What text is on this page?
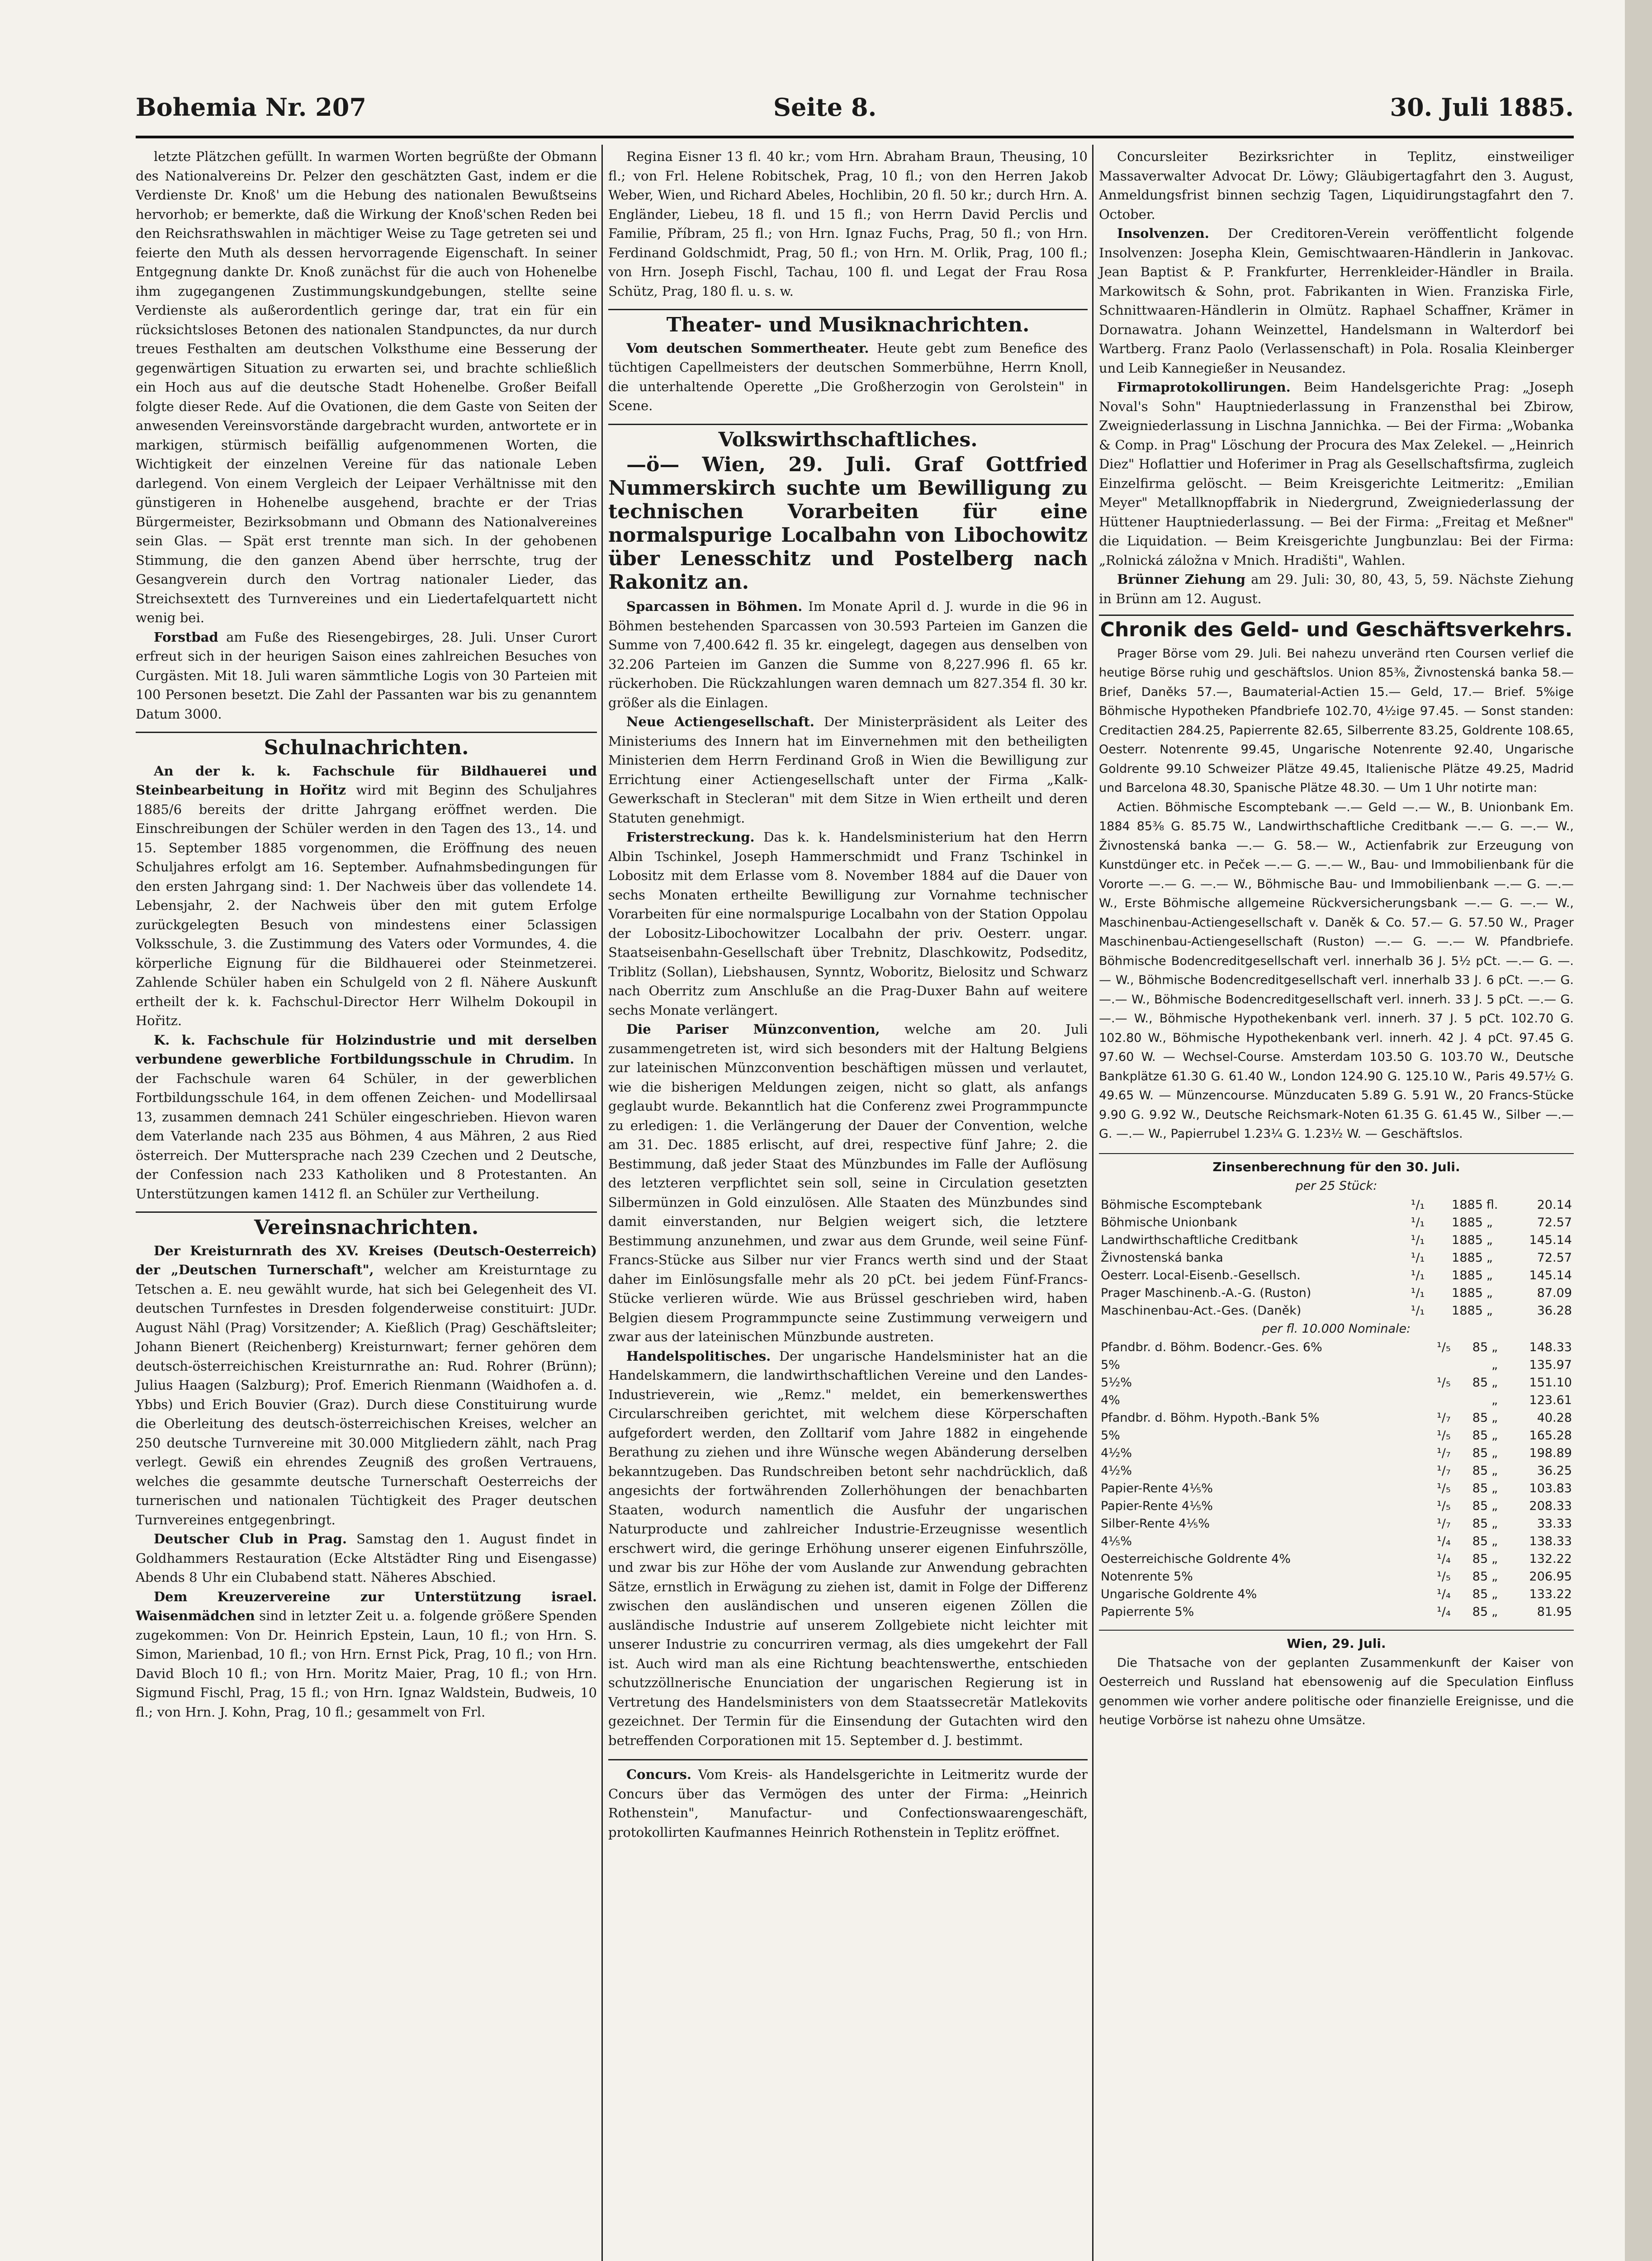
Bohemia Nr. 207	Seite 8.	30. Juli 1885.

letzte Plätzchen gefüllt. In warmen Worten begrüßte der Obmann des Nationalvereins Dr. Pelzer den geschätzten Gast, indem er die Verdienste Dr. Knoß' um die Hebung des nationalen Bewußtseins hervorhob; er bemerkte, daß die Wirkung der Knoß'schen Reden bei den Reichsrathswahlen in mächtiger Weise zu Tage getreten sei und feierte den Muth als dessen hervorragende Eigenschaft. In seiner Entgegnung dankte Dr. Knoß zunächst für die auch von Hohenelbe ihm zugegangenen Zustimmungskundgebungen, stellte seine Verdienste als außerordentlich geringe dar, trat ein für ein rücksichtsloses Betonen des nationalen Standpunctes, da nur durch treues Festhalten am deutschen Volksthume eine Besserung der gegenwärtigen Situation zu erwarten sei, und brachte schließlich ein Hoch aus auf die deutsche Stadt Hohenelbe. Großer Beifall folgte dieser Rede. Auf die Ovationen, die dem Gaste von Seiten der anwesenden Vereinsvorstände dargebracht wurden, antwortete er in markigen, stürmisch beifällig aufgenommenen Worten, die Wichtigkeit der einzelnen Vereine für das nationale Leben darlegend. Von einem Vergleich der Leipaer Verhältnisse mit den günstigeren in Hohenelbe ausgehend, brachte er der Trias Bürgermeister, Bezirksobmann und Obmann des Nationalvereines sein Glas. — Spät erst trennte man sich. In der gehobenen Stimmung, die den ganzen Abend über herrschte, trug der Gesangverein durch den Vortrag nationaler Lieder, das Streichsextett des Turnvereines und ein Liedertafelquartett nicht wenig bei.

Forstbad am Fuße des Riesengebirges, 28. Juli. Unser Curort erfreut sich in der heurigen Saison eines zahlreichen Besuches von Curgästen. Mit 18. Juli waren sämmtliche Logis von 30 Parteien mit 100 Personen besetzt. Die Zahl der Passanten war bis zu genanntem Datum 3000.

Schulnachrichten.

An der k. k. Fachschule für Bildhauerei und Steinbearbeitung in Hořitz wird mit Beginn des Schuljahres 1885/6 bereits der dritte Jahrgang eröffnet werden. Die Einschreibungen der Schüler werden in den Tagen des 13., 14. und 15. September 1885 vorgenommen, die Eröffnung des neuen Schuljahres erfolgt am 16. September. Aufnahmsbedingungen für den ersten Jahrgang sind: 1. Der Nachweis über das vollendete 14. Lebensjahr, 2. der Nachweis über den mit gutem Erfolge zurückgelegten Besuch von mindestens einer 5classigen Volksschule, 3. die Zustimmung des Vaters oder Vormundes, 4. die körperliche Eignung für die Bildhauerei oder Steinmetzerei. Zahlende Schüler haben ein Schulgeld von 2 fl. Nähere Auskunft ertheilt der k. k. Fachschul-Director Herr Wilhelm Dokoupil in Hořitz.

K. k. Fachschule für Holzindustrie und mit derselben verbundene gewerbliche Fortbildungsschule in Chrudim. In der Fachschule waren 64 Schüler, in der gewerblichen Fortbildungsschule 164, in dem offenen Zeichen- und Modellirsaal 13, zusammen demnach 241 Schüler eingeschrieben. Hievon waren dem Vaterlande nach 235 aus Böhmen, 4 aus Mähren, 2 aus Ried österreich. Der Muttersprache nach 239 Czechen und 2 Deutsche, der Confession nach 233 Katholiken und 8 Protestanten. An Unterstützungen kamen 1412 fl. an Schüler zur Vertheilung.

Vereinsnachrichten.

Der Kreisturnrath des XV. Kreises (Deutsch-Oesterreich) der „Deutschen Turnerschaft", welcher am Kreisturntage zu Tetschen a. E. neu gewählt wurde, hat sich bei Gelegenheit des VI. deutschen Turnfestes in Dresden folgenderweise constituirt: JUDr. August Nähl (Prag) Vorsitzender; A. Kießlich (Prag) Geschäftsleiter; Johann Bienert (Reichenberg) Kreisturnwart; ferner gehören dem deutsch-österreichischen Kreisturnrathe an: Rud. Rohrer (Brünn); Julius Haagen (Salzburg); Prof. Emerich Rienmann (Waidhofen a. d. Ybbs) und Erich Bouvier (Graz). Durch diese Constituirung wurde die Oberleitung des deutsch-österreichischen Kreises, welcher an 250 deutsche Turnvereine mit 30.000 Mitgliedern zählt, nach Prag verlegt. Gewiß ein ehrendes Zeugniß des großen Vertrauens, welches die gesammte deutsche Turnerschaft Oesterreichs der turnerischen und nationalen Tüchtigkeit des Prager deutschen Turnvereines entgegenbringt.

Deutscher Club in Prag. Samstag den 1. August findet in Goldhammers Restauration (Ecke Altstädter Ring und Eisengasse) Abends 8 Uhr ein Clubabend statt. Näheres Abschied.

Dem Kreuzervereine zur Unterstützung israel. Waisenmädchen sind in letzter Zeit u. a. folgende größere Spenden zugekommen: Von Dr. Heinrich Epstein, Laun, 10 fl.; von Hrn. S. Simon, Marienbad, 10 fl.; von Hrn. Ernst Pick, Prag, 10 fl.; von Hrn. David Bloch 10 fl.; von Hrn. Moritz Maier, Prag, 10 fl.; von Hrn. Sigmund Fischl, Prag, 15 fl.; von Hrn. Ignaz Waldstein, Budweis, 10 fl.; von Hrn. J. Kohn, Prag, 10 fl.; gesammelt von Frl.

Regina Eisner 13 fl. 40 kr.; vom Hrn. Abraham Braun, Theusing, 10 fl.; von Frl. Helene Robitschek, Prag, 10 fl.; von den Herren Jakob Weber, Wien, und Richard Abeles, Hochlibin, 20 fl. 50 kr.; durch Hrn. A. Engländer, Liebeu, 18 fl. und 15 fl.; von Herrn David Perclis und Familie, Příbram, 25 fl.; von Hrn. Ignaz Fuchs, Prag, 50 fl.; von Hrn. Ferdinand Goldschmidt, Prag, 50 fl.; von Hrn. M. Orlik, Prag, 100 fl.; von Hrn. Joseph Fischl, Tachau, 100 fl. und Legat der Frau Rosa Schütz, Prag, 180 fl. u. s. w.

Theater- und Musiknachrichten.

Vom deutschen Sommertheater. Heute gebt zum Benefice des tüchtigen Capellmeisters der deutschen Sommerbühne, Herrn Knoll, die unterhaltende Operette „Die Großherzogin von Gerolstein" in Scene.

Volkswirthschaftliches.

—ö— Wien, 29. Juli. Graf Gottfried Nummerskirch suchte um Bewilligung zu technischen Vorarbeiten für eine normalspurige Localbahn von Libochowitz über Lenesschitz und Postelberg nach Rakonitz an.

Sparcassen in Böhmen. Im Monate April d. J. wurde in die 96 in Böhmen bestehenden Sparcassen von 30.593 Parteien im Ganzen die Summe von 7,400.642 fl. 35 kr. eingelegt, dagegen aus denselben von 32.206 Parteien im Ganzen die Summe von 8,227.996 fl. 65 kr. rückerhoben. Die Rückzahlungen waren demnach um 827.354 fl. 30 kr. größer als die Einlagen.

Neue Actiengesellschaft. Der Ministerpräsident als Leiter des Ministeriums des Innern hat im Einvernehmen mit den betheiligten Ministerien dem Herrn Ferdinand Groß in Wien die Bewilligung zur Errichtung einer Actiengesellschaft unter der Firma „Kalk-Gewerkschaft in Stecleran" mit dem Sitze in Wien ertheilt und deren Statuten genehmigt.

Fristerstreckung. Das k. k. Handelsministerium hat den Herrn Albin Tschinkel, Joseph Hammerschmidt und Franz Tschinkel in Lobositz mit dem Erlasse vom 8. November 1884 auf die Dauer von sechs Monaten ertheilte Bewilligung zur Vornahme technischer Vorarbeiten für eine normalspurige Localbahn von der Station Oppolau der Lobositz-Libochowitzer Localbahn der priv. Oesterr. ungar. Staatseisenbahn-Gesellschaft über Trebnitz, Dlaschkowitz, Podseditz, Triblitz (Sollan), Liebshausen, Synntz, Woboritz, Bielositz und Schwarz nach Oberritz zum Anschluße an die Prag-Duxer Bahn auf weitere sechs Monate verlängert.

Die Pariser Münzconvention, welche am 20. Juli zusammengetreten ist, wird sich besonders mit der Haltung Belgiens zur lateinischen Münzconvention beschäftigen müssen und verlautet, wie die bisherigen Meldungen zeigen, nicht so glatt, als anfangs geglaubt wurde. Bekanntlich hat die Conferenz zwei Programmpuncte zu erledigen: 1. die Verlängerung der Dauer der Convention, welche am 31. Dec. 1885 erlischt, auf drei, respective fünf Jahre; 2. die Bestimmung, daß jeder Staat des Münzbundes im Falle der Auflösung des letzteren verpflichtet sein soll, seine in Circulation gesetzten Silbermünzen in Gold einzulösen. Alle Staaten des Münzbundes sind damit einverstanden, nur Belgien weigert sich, die letztere Bestimmung anzunehmen, und zwar aus dem Grunde, weil seine Fünf-Francs-Stücke aus Silber nur vier Francs werth sind und der Staat daher im Einlösungsfalle mehr als 20 pCt. bei jedem Fünf-Francs-Stücke verlieren würde. Wie aus Brüssel geschrieben wird, haben Belgien diesem Programmpuncte seine Zustimmung verweigern und zwar aus der lateinischen Münzbunde austreten.

Handelspolitisches. Der ungarische Handelsminister hat an die Handelskammern, die landwirthschaftlichen Vereine und den Landes-Industrieverein, wie „Remz." meldet, ein bemerkenswerthes Circularschreiben gerichtet, mit welchem diese Körperschaften aufgefordert werden, den Zolltarif vom Jahre 1882 in eingehende Berathung zu ziehen und ihre Wünsche wegen Abänderung derselben bekanntzugeben. Das Rundschreiben betont sehr nachdrücklich, daß angesichts der fortwährenden Zollerhöhungen der benachbarten Staaten, wodurch namentlich die Ausfuhr der ungarischen Naturproducte und zahlreicher Industrie-Erzeugnisse wesentlich erschwert wird, die geringe Erhöhung unserer eigenen Einfuhrszölle, und zwar bis zur Höhe der vom Auslande zur Anwendung gebrachten Sätze, ernstlich in Erwägung zu ziehen ist, damit in Folge der Differenz zwischen den ausländischen und unseren eigenen Zöllen die ausländische Industrie auf unserem Zollgebiete nicht leichter mit unserer Industrie zu concurriren vermag, als dies umgekehrt der Fall ist. Auch wird man als eine Richtung beachtenswerthe, entschieden schutzzöllnerische Enunciation der ungarischen Regierung ist in Vertretung des Handelsministers von dem Staatssecretär Matlekovits gezeichnet. Der Termin für die Einsendung der Gutachten wird den betreffenden Corporationen mit 15. September d. J. bestimmt.

Concurs. Vom Kreis- als Handelsgerichte in Leitmeritz wurde der Concurs über das Vermögen des unter der Firma: „Heinrich Rothenstein", Manufactur- und Confectionswaarengeschäft, protokollirten Kaufmannes Heinrich Rothenstein in Teplitz eröffnet.

Concursleiter Bezirksrichter in Teplitz, einstweiliger Massaverwalter Advocat Dr. Löwy; Gläubigertagfahrt den 3. August, Anmeldungsfrist binnen sechzig Tagen, Liquidirungstagfahrt den 7. October.

Insolvenzen. Der Creditoren-Verein veröffentlicht folgende Insolvenzen: Josepha Klein, Gemischtwaaren-Händlerin in Jankovac. Jean Baptist & P. Frankfurter, Herrenkleider-Händler in Braila. Markowitsch & Sohn, prot. Fabrikanten in Wien. Franziska Firle, Schnittwaaren-Händlerin in Olmütz. Raphael Schaffner, Krämer in Dornawatra. Johann Weinzettel, Handelsmann in Walterdorf bei Wartberg. Franz Paolo (Verlassenschaft) in Pola. Rosalia Kleinberger und Leib Kannegießer in Neusandez.

Firmaprotokollirungen. Beim Handelsgerichte Prag: „Joseph Noval's Sohn" Hauptniederlassung in Franzensthal bei Zbirow, Zweigniederlassung in Lischna Jannichka. — Bei der Firma: „Wobanka & Comp. in Prag" Löschung der Procura des Max Zelekel. — „Heinrich Diez" Hoflattier und Hoferimer in Prag als Gesellschaftsfirma, zugleich Einzelfirma gelöscht. — Beim Kreisgerichte Leitmeritz: „Emilian Meyer" Metallknopffabrik in Niedergrund, Zweigniederlassung der Hüttener Hauptniederlassung. — Bei der Firma: „Freitag et Meßner" die Liquidation. — Beim Kreisgerichte Jungbunzlau: Bei der Firma: „Rolnická záložna v Mnich. Hradišti", Wahlen.

Brünner Ziehung am 29. Juli: 30, 80, 43, 5, 59. Nächste Ziehung in Brünn am 12. August.

Chronik des Geld- und Geschäftsverkehrs.

Prager Börse vom 29. Juli. Bei nahezu unveränd rten Coursen verlief die heutige Börse ruhig und geschäftslos. Union 85⅜, Živnostenská banka 58.— Brief, Daněks 57.—, Baumaterial-Actien 15.— Geld, 17.— Brief. 5%ige Böhmische Hypotheken Pfandbriefe 102.70, 4½ige 97.45. — Sonst standen: Creditactien 284.25, Papierrente 82.65, Silberrente 83.25, Goldrente 108.65, Oesterr. Notenrente 99.45, Ungarische Notenrente 92.40, Ungarische Goldrente 99.10 Schweizer Plätze 49.45, Italienische Plätze 49.25, Madrid und Barcelona 48.30, Spanische Plätze 48.30. — Um 1 Uhr notirte man:

Actien. Böhmische Escomptebank —.— Geld —.— W., B. Unionbank Em. 1884 85⅜ G. 85.75 W., Landwirthschaftliche Creditbank —.— G. —.— W., Živnostenská banka —.— G. 58.— W., Actienfabrik zur Erzeugung von Kunstdünger etc. in Peček —.— G. —.— W., Bau- und Immobilienbank für die Vororte —.— G. —.— W., Böhmische Bau- und Immobilienbank —.— G. —.— W., Erste Böhmische allgemeine Rückversicherungsbank —.— G. —.— W., Maschinenbau-Actiengesellschaft v. Daněk & Co. 57.— G. 57.50 W., Prager Maschinenbau-Actiengesellschaft (Ruston) —.— G. —.— W. Pfandbriefe. Böhmische Bodencreditgesellschaft verl. innerhalb 36 J. 5½ pCt. —.— G. —.— W., Böhmische Bodencreditgesellschaft verl. innerhalb 33 J. 6 pCt. —.— G. —.— W., Böhmische Bodencreditgesellschaft verl. innerh. 33 J. 5 pCt. —.— G. —.— W., Böhmische Hypothekenbank verl. innerh. 37 J. 5 pCt. 102.70 G. 102.80 W., Böhmische Hypothekenbank verl. innerh. 42 J. 4 pCt. 97.45 G. 97.60 W. — Wechsel-Course. Amsterdam 103.50 G. 103.70 W., Deutsche Bankplätze 61.30 G. 61.40 W., London 124.90 G. 125.10 W., Paris 49.57½ G. 49.65 W. — Münzencourse. Münzducaten 5.89 G. 5.91 W., 20 Francs-Stücke 9.90 G. 9.92 W., Deutsche Reichsmark-Noten 61.35 G. 61.45 W., Silber —.— G. —.— W., Papierrubel 1.23¼ G. 1.23½ W. — Geschäftslos.

Zinsenberechnung für den 30. Juli.
per 25 Stück:
Böhmische Escomptebank	¹/₁	1885	fl.	20.14
Böhmische Unionbank	¹/₁	1885	„	72.57
Landwirthschaftliche Creditbank	¹/₁	1885	„	145.14
Živnostenská banka	¹/₁	1885	„	72.57
Oesterr. Local-Eisenb.-Gesellsch.	¹/₁	1885	„	145.14
Prager Maschinenb.-A.-G. (Ruston)	¹/₁	1885	„	87.09
Maschinenbau-Act.-Ges. (Daněk)	¹/₁	1885	„	36.28
per fl. 10.000 Nominale:
Pfandbr. d. Böhm. Bodencr.-Ges. 6%	¹/₅	85	„	148.33
5%			„	135.97
5½%	¹/₅	85	„	151.10
4%			„	123.61
Pfandbr. d. Böhm. Hypoth.-Bank 5%	¹/₇	85	„	40.28
5%	¹/₅	85	„	165.28
4½%	¹/₇	85	„	198.89
4½%	¹/₇	85	„	36.25
Papier-Rente 4⅕%	¹/₅	85	„	103.83
Papier-Rente 4⅕%	¹/₅	85	„	208.33
Silber-Rente 4⅕%	¹/₇	85	„	33.33
4⅕%	¹/₄	85	„	138.33
Oesterreichische Goldrente 4%	¹/₄	85	„	132.22
Notenrente 5%	¹/₅	85	„	206.95
Ungarische Goldrente 4%	¹/₄	85	„	133.22
Papierrente 5%	¹/₄	85	„	81.95
Wien, 29. Juli.

Die Thatsache von der geplanten Zusammenkunft der Kaiser von Oesterreich und Russland hat ebensowenig auf die Speculation Einfluss genommen wie vorher andere politische oder finanzielle Ereignisse, und die heutige Vorbörse ist nahezu ohne Umsätze.
